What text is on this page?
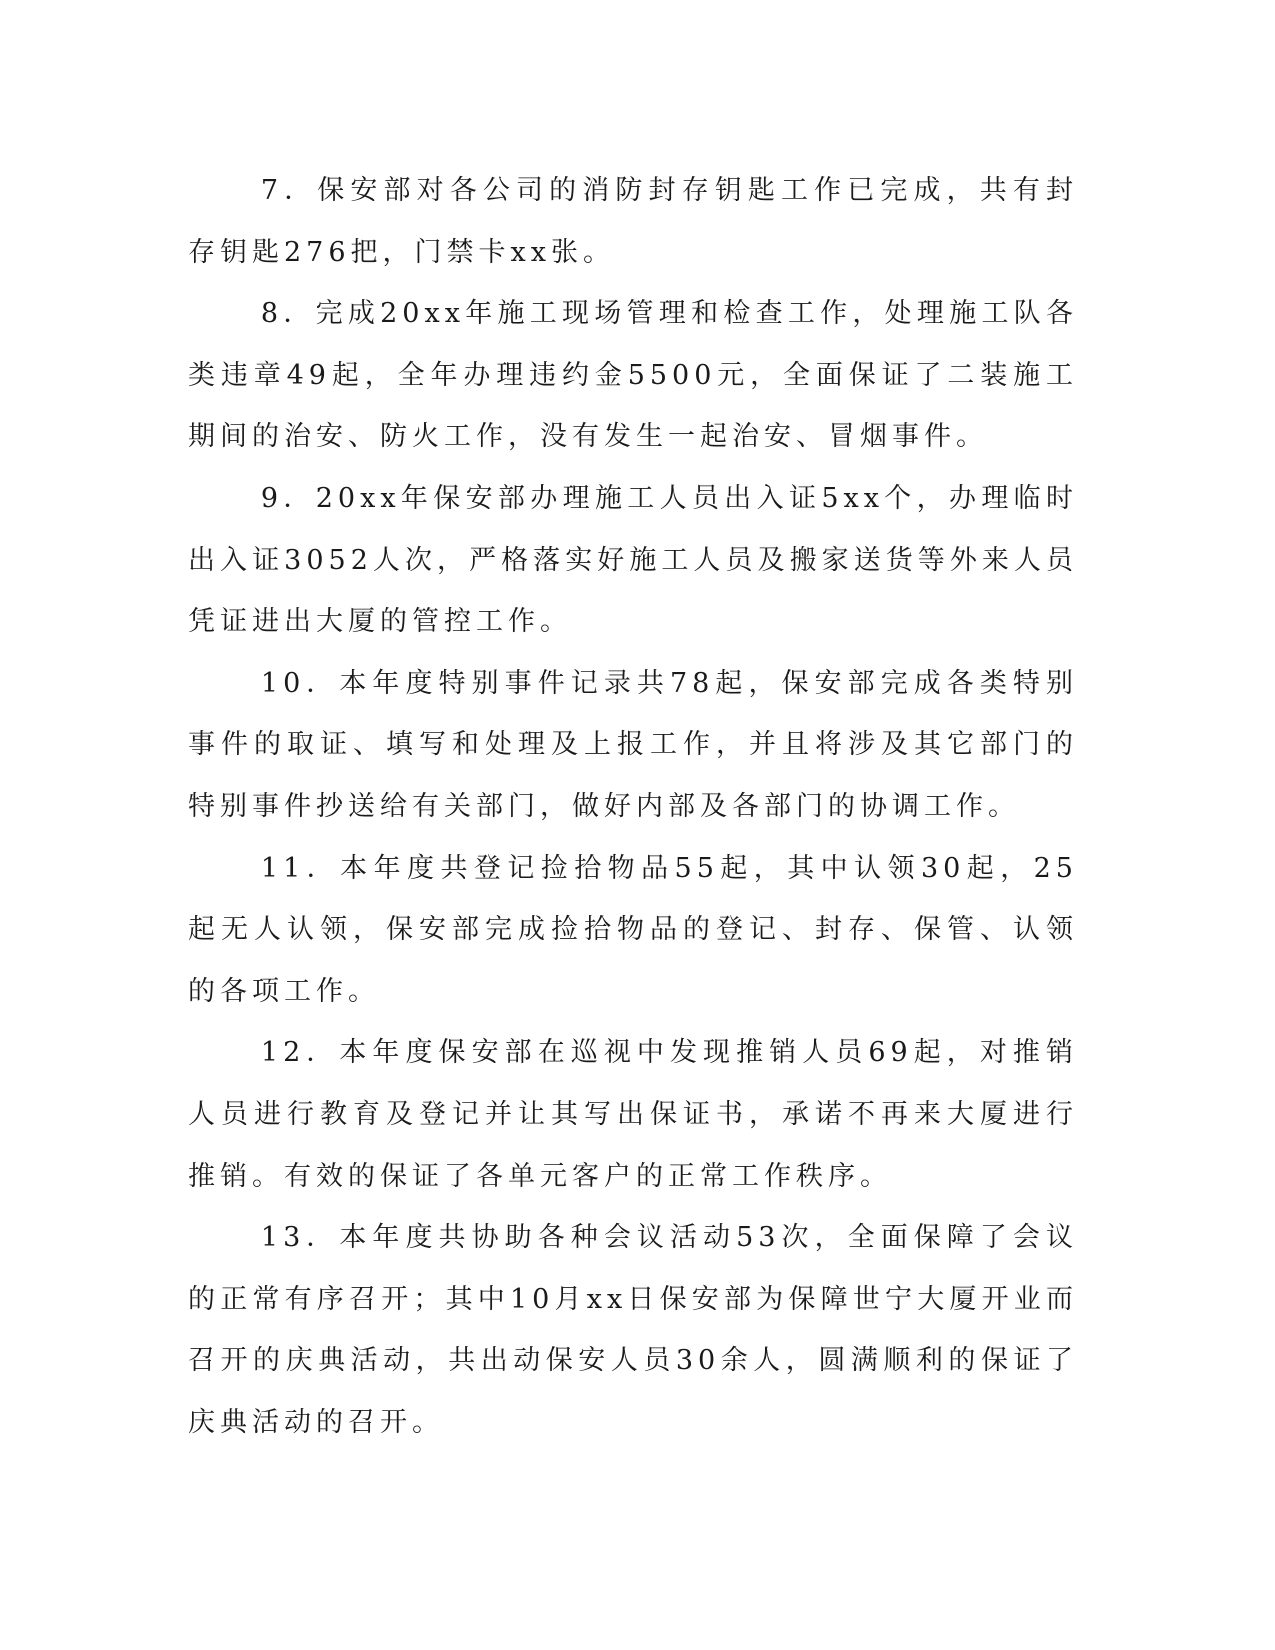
7．保安部对各公司的消防封存钥匙工作已完成，共有封存钥匙276把，门禁卡xx张。

8．完成20xx年施工现场管理和检查工作，处理施工队各类违章49起，全年办理违约金5500元，全面保证了二装施工期间的治安、防火工作，没有发生一起治安、冒烟事件。

9．20xx年保安部办理施工人员出入证5xx个，办理临时出入证3052人次，严格落实好施工人员及搬家送货等外来人员凭证进出大厦的管控工作。

10．本年度特别事件记录共78起，保安部完成各类特别事件的取证、填写和处理及上报工作，并且将涉及其它部门的特别事件抄送给有关部门，做好内部及各部门的协调工作。

11．本年度共登记捡拾物品55起，其中认领30起，25起无人认领，保安部完成捡拾物品的登记、封存、保管、认领的各项工作。

12．本年度保安部在巡视中发现推销人员69起，对推销人员进行教育及登记并让其写出保证书，承诺不再来大厦进行推销。有效的保证了各单元客户的正常工作秩序。

13．本年度共协助各种会议活动53次，全面保障了会议的正常有序召开；其中10月xx日保安部为保障世宁大厦开业而召开的庆典活动，共出动保安人员30余人，圆满顺利的保证了庆典活动的召开。
